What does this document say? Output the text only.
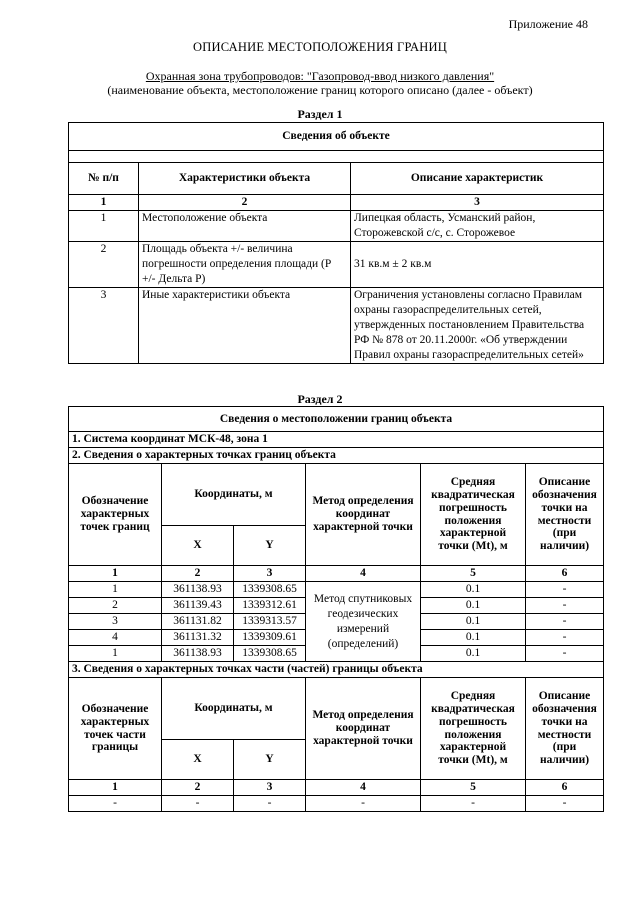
Приложение 48
ОПИСАНИЕ МЕСТОПОЛОЖЕНИЯ ГРАНИЦ
Охранная зона трубопроводов: "Газопровод-ввод низкого давления"
(наименование объекта, местоположение границ которого описано (далее - объект)
Раздел 1
Сведения об объекте		

№ п/п	Характеристики объекта	Описание характеристик
1	2	3
1	Местоположение объекта	Липецкая область, Усманский район, Сторожевской с/с, с. Сторожевое
2	Площадь объекта +/- величина погрешности определения площади (P +/- Дельта P)	31 кв.м ± 2 кв.м
3	Иные характеристики объекта	Ограничения установлены согласно Правилам охраны газораспределительных сетей, утвержденных постановлением Правительства РФ № 878 от 20.11.2000г. «Об утверждении Правил охраны газораспределительных сетей»
Раздел 2
Сведения о местоположении границ объекта					
1. Система координат МСК-48, зона 1					
2. Сведения о характерных точках границ объекта					
Обозначение характерных точек границ	Координаты, м		Метод определения координат характерной точки	Средняя квадратическая погрешность положения характерной точки (Mt), м	Описание обозначения точки на местности (при наличии)
	X	Y			
1	2	3	4	5	6
1	361138.93	1339308.65	Метод спутниковых геодезических измерений (определений)	0.1	-
2	361139.43	1339312.61		0.1	-
3	361131.82	1339313.57		0.1	-
4	361131.32	1339309.61		0.1	-
1	361138.93	1339308.65		0.1	-
3. Сведения о характерных точках части (частей) границы объекта					
Обозначение характерных точек части границы	Координаты, м		Метод определения координат характерной точки	Средняя квадратическая погрешность положения характерной точки (Mt), м	Описание обозначения точки на местности (при наличии)
	X	Y			
1	2	3	4	5	6
-	-	-	-	-	-
